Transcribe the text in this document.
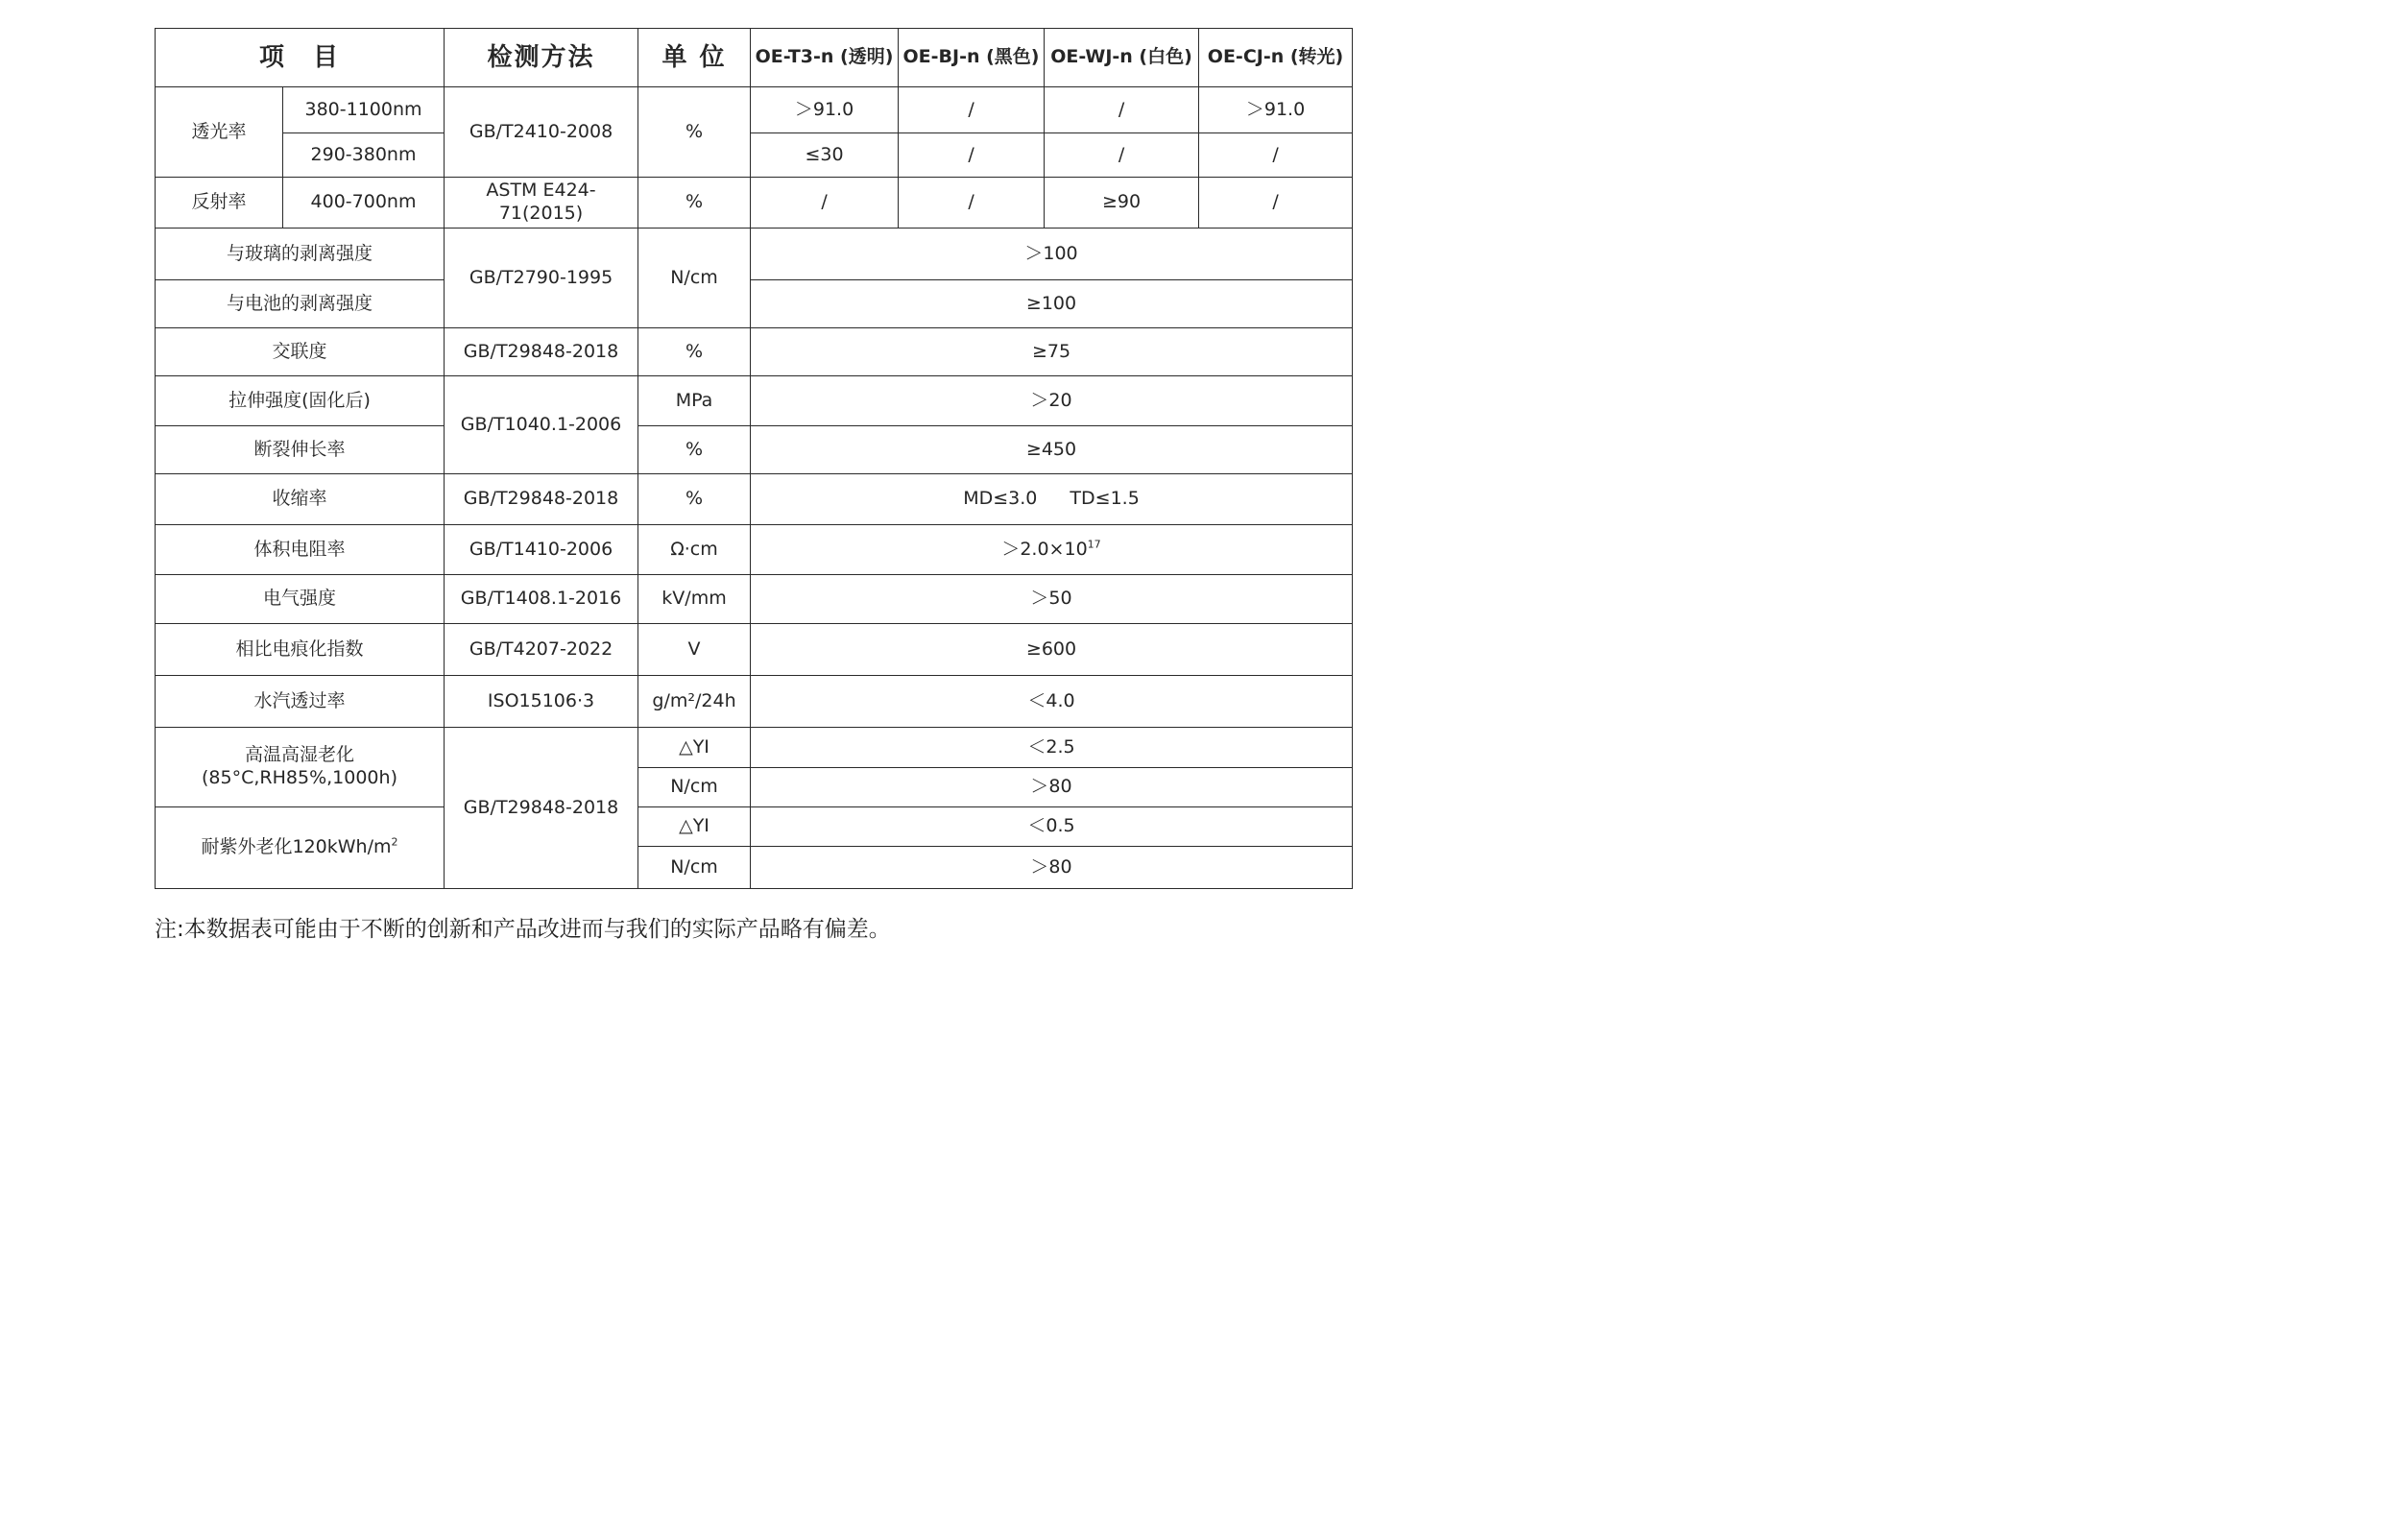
项　目		检测方法	单 位	OE-T3-n (透明)	OE-BJ-n (黑色)	OE-WJ-n (白色)	OE-CJ-n (转光)
透光率	380-1100nm	GB/T2410-2008	%	＞91.0	/	/	＞91.0
	290-380nm			≤30	/	/	/
反射率	400-700nm	ASTM E424-71(2015)	%	/	/	≥90	/
与玻璃的剥离强度		GB/T2790-1995	N/cm	＞100			
与电池的剥离强度				≥100			
交联度		GB/T29848-2018	%	≥75			
拉伸强度(固化后)		GB/T1040.1-2006	MPa	＞20			
断裂伸长率			%	≥450			
收缩率		GB/T29848-2018	%	MD≤3.0 TD≤1.5			
体积电阻率		GB/T1410-2006	Ω·cm	$>2.0\times 10^{17}$
电气强度		GB/T1408.1-2016	kV/mm	＞50			
相比电痕化指数		GB/T4207-2022	V	≥600			
水汽透过率		ISO15106·3	g/m²/24h	＜4.0			
高温高湿老化
(85°C,RH85%,1000h)		GB/T29848-2018	△YI	＜2.5			
			N/cm	＞80			
耐紫外老化$120kWh/m^2$			△YI	＜0.5			
			N/cm	＞80			
注:本数据表可能由于不断的创新和产品改进而与我们的实际产品略有偏差。
